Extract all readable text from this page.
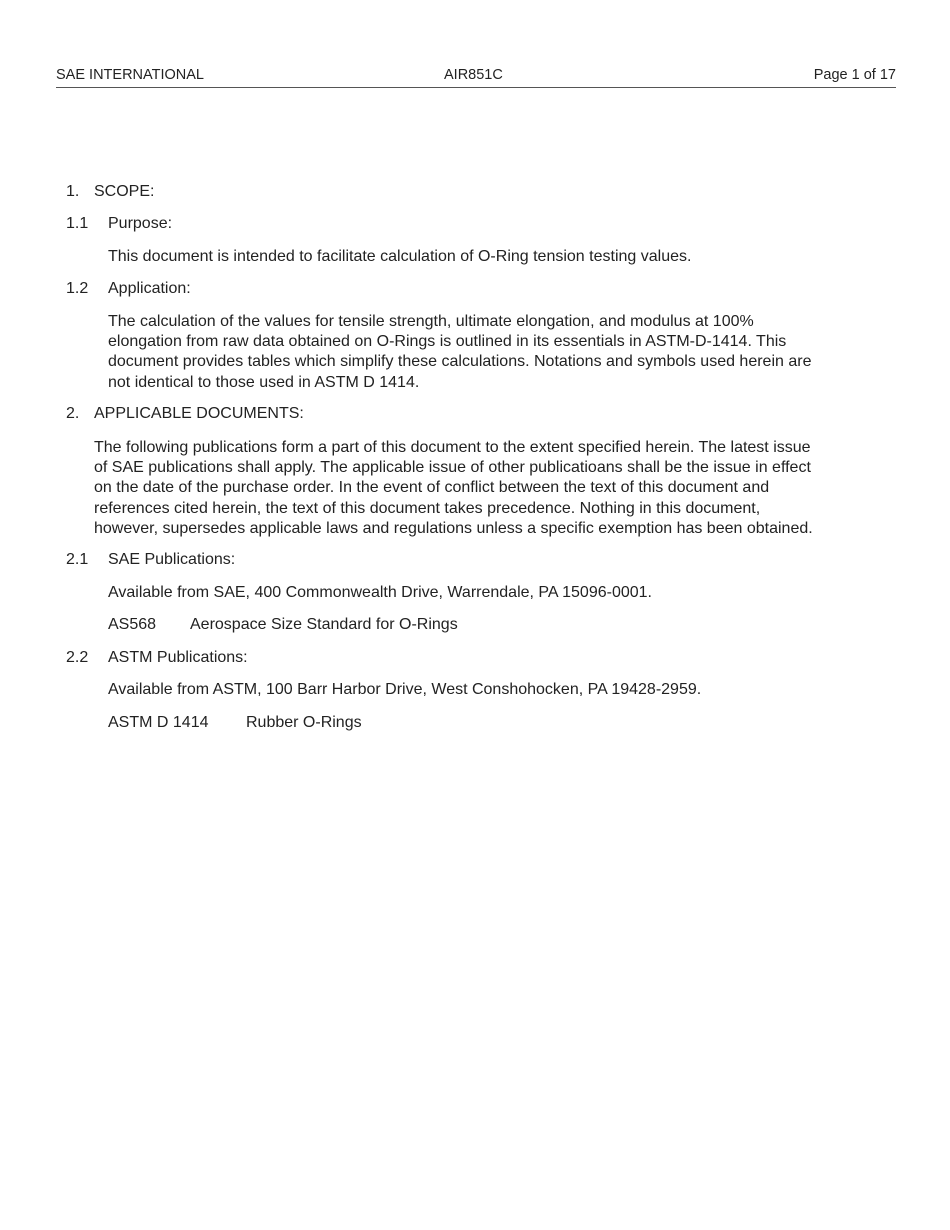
SAE INTERNATIONAL	AIR851C	Page 1 of 17
1. SCOPE:
1.1 Purpose:
This document is intended to facilitate calculation of O-Ring tension testing values.
1.2 Application:
The calculation of the values for tensile strength, ultimate elongation, and modulus at 100%
elongation from raw data obtained on O-Rings is outlined in its essentials in ASTM-D-1414. This
document provides tables which simplify these calculations. Notations and symbols used herein are
not identical to those used in ASTM D 1414.
2. APPLICABLE DOCUMENTS:
The following publications form a part of this document to the extent specified herein. The latest issue
of SAE publications shall apply. The applicable issue of other publicatioans shall be the issue in effect
on the date of the purchase order. In the event of conflict between the text of this document and
references cited herein, the text of this document takes precedence. Nothing in this document,
however, supersedes applicable laws and regulations unless a specific exemption has been obtained.
2.1 SAE Publications:
Available from SAE, 400 Commonwealth Drive, Warrendale, PA 15096-0001.
AS568 Aerospace Size Standard for O-Rings
2.2 ASTM Publications:
Available from ASTM, 100 Barr Harbor Drive, West Conshohocken, PA 19428-2959.
ASTM D 1414 Rubber O-Rings
